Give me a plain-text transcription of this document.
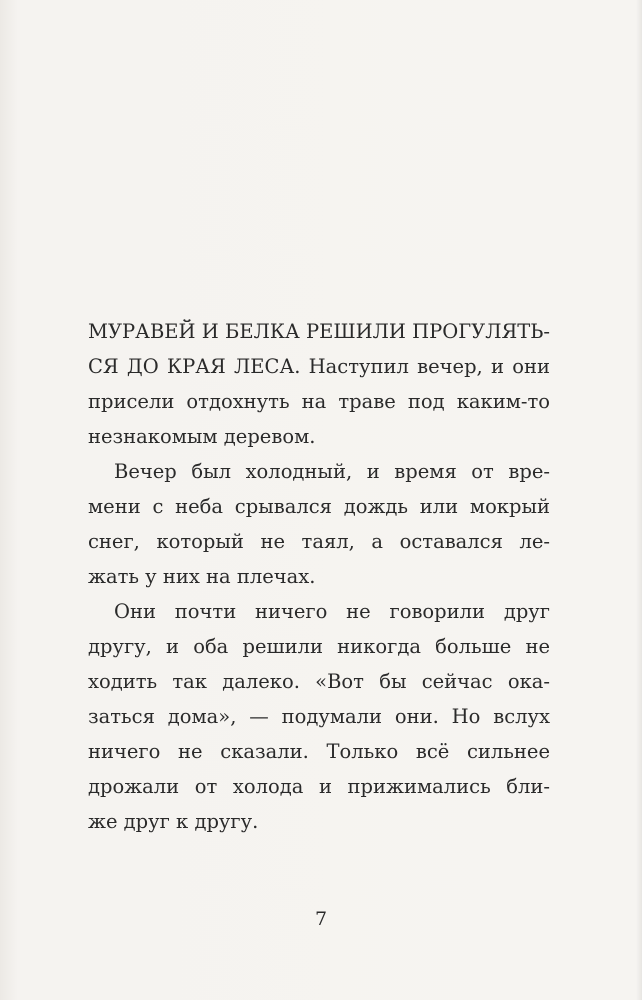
МУРАВЕЙ И БЕЛКА РЕШИЛИ ПРОГУЛЯТЬ-
СЯ ДО КРАЯ ЛЕСА. Наступил вечер, и они
присели отдохнуть на траве под каким-то
незнакомым деревом.
Вечер был холодный, и время от вре-
мени с неба срывался дождь или мокрый
снег, который не таял, а оставался ле-
жать у них на плечах.
Они почти ничего не говорили друг
другу, и оба решили никогда больше не
ходить так далеко. «Вот бы сейчас ока-
заться дома», — подумали они. Но вслух
ничего не сказали. Только всё сильнее
дрожали от холода и прижимались бли-
же друг к другу.
7
